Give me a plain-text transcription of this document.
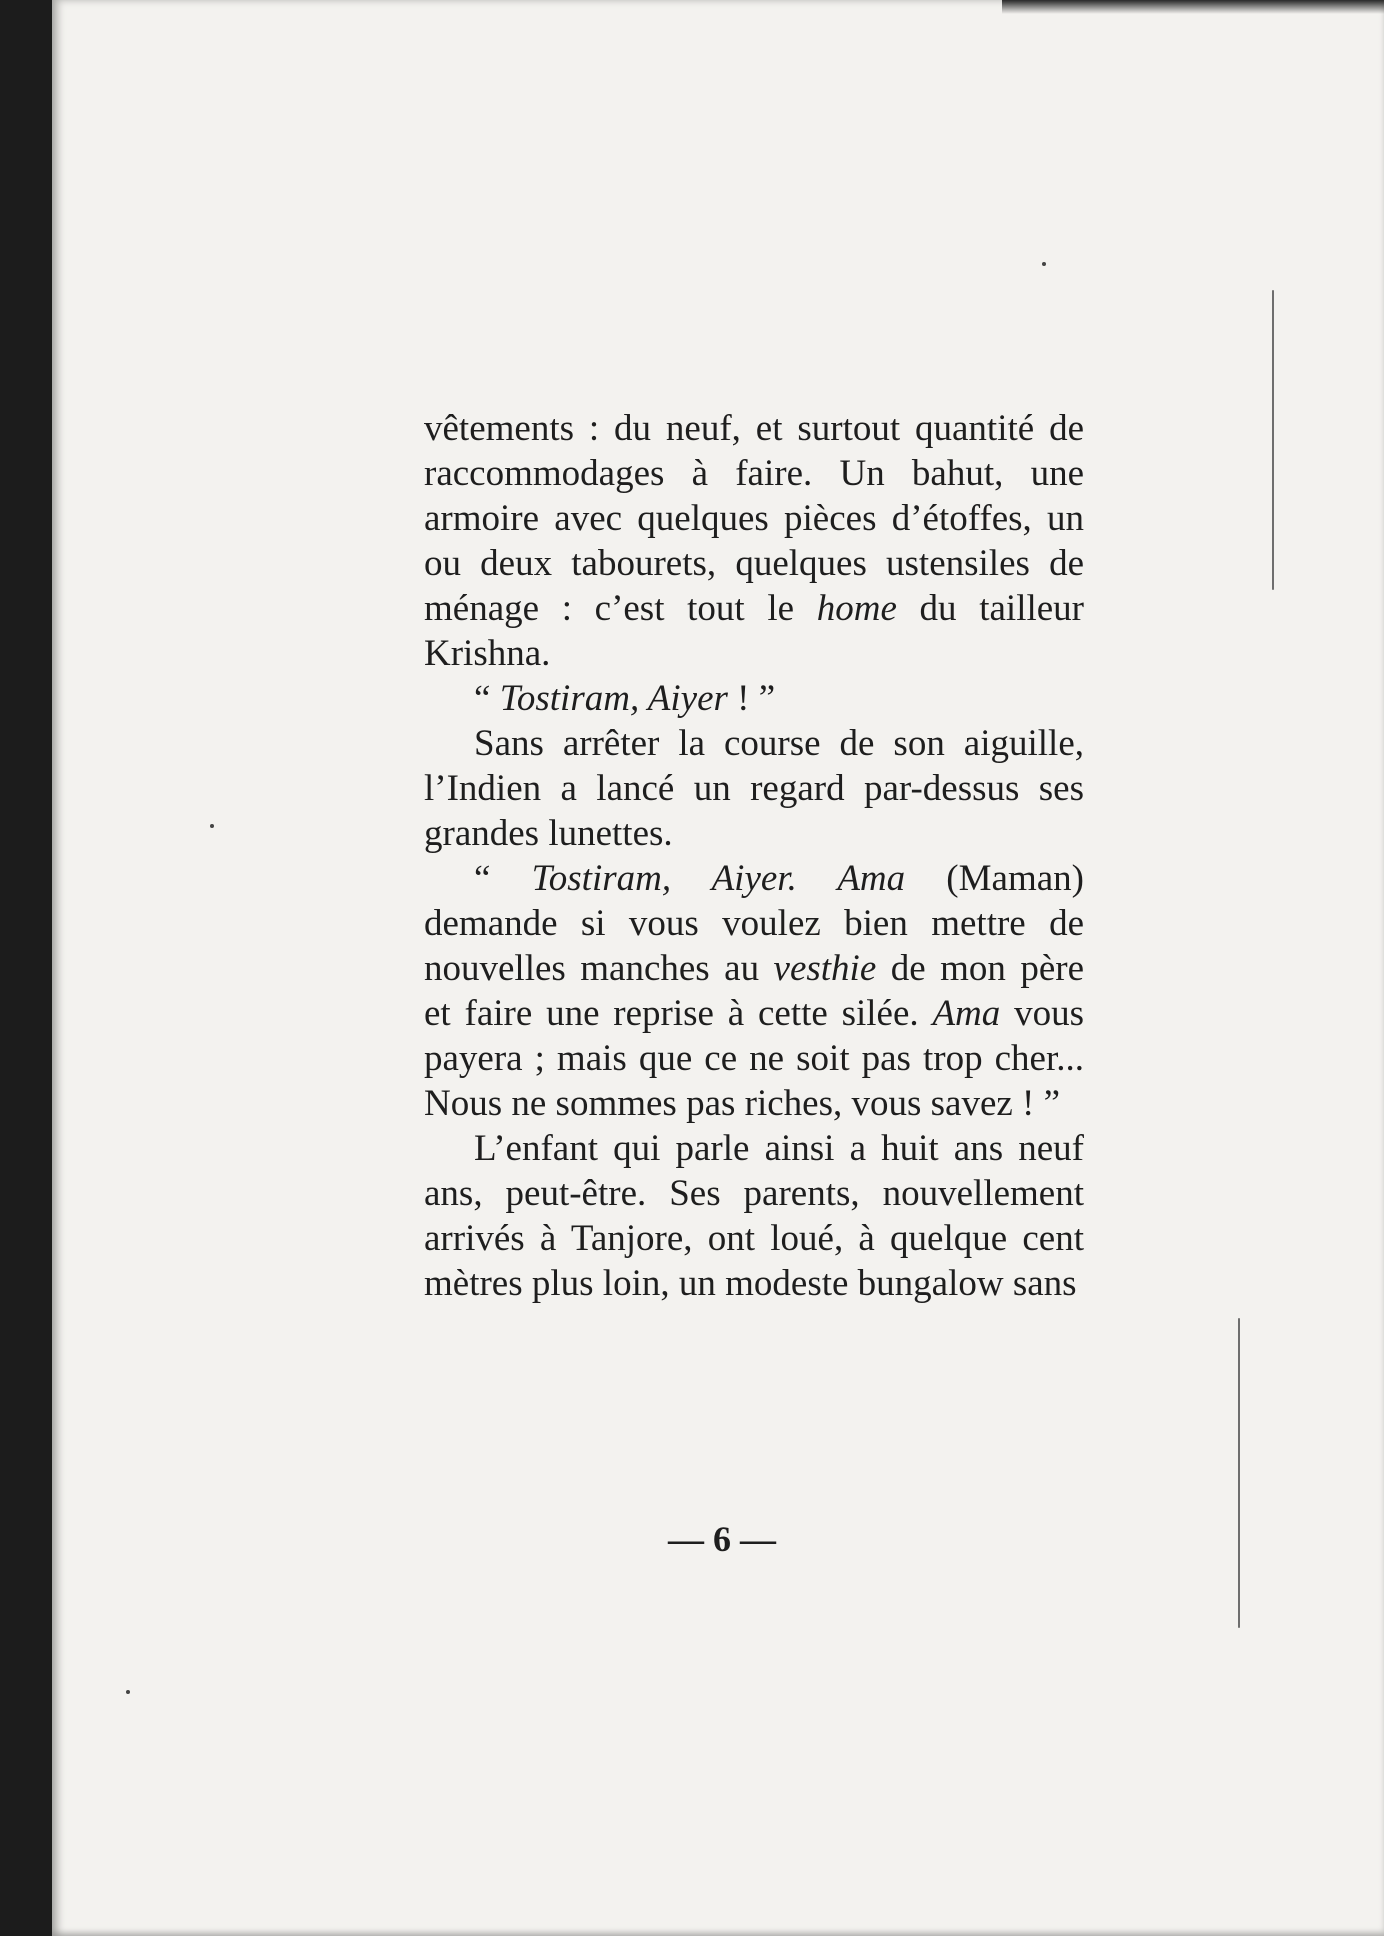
vêtements : du neuf, et surtout quantité de raccommodages à faire. Un bahut, une armoire avec quelques pièces d’étoffes, un ou deux tabourets, quelques ustensiles de ménage : c’est tout le home du tailleur Krishna.

“ Tostiram, Aiyer ! ”

Sans arrêter la course de son aiguille, l’Indien a lancé un regard par-dessus ses grandes lunettes.

“ Tostiram, Aiyer. Ama (Maman) demande si vous voulez bien mettre de nouvelles manches au vesthie de mon père et faire une reprise à cette silée. Ama vous payera ; mais que ce ne soit pas trop cher... Nous ne sommes pas riches, vous savez ! ”

L’enfant qui parle ainsi a huit ans neuf ans, peut-être. Ses parents, nouvellement arrivés à Tanjore, ont loué, à quelque cent mètres plus loin, un modeste bungalow sans

— 6 —
